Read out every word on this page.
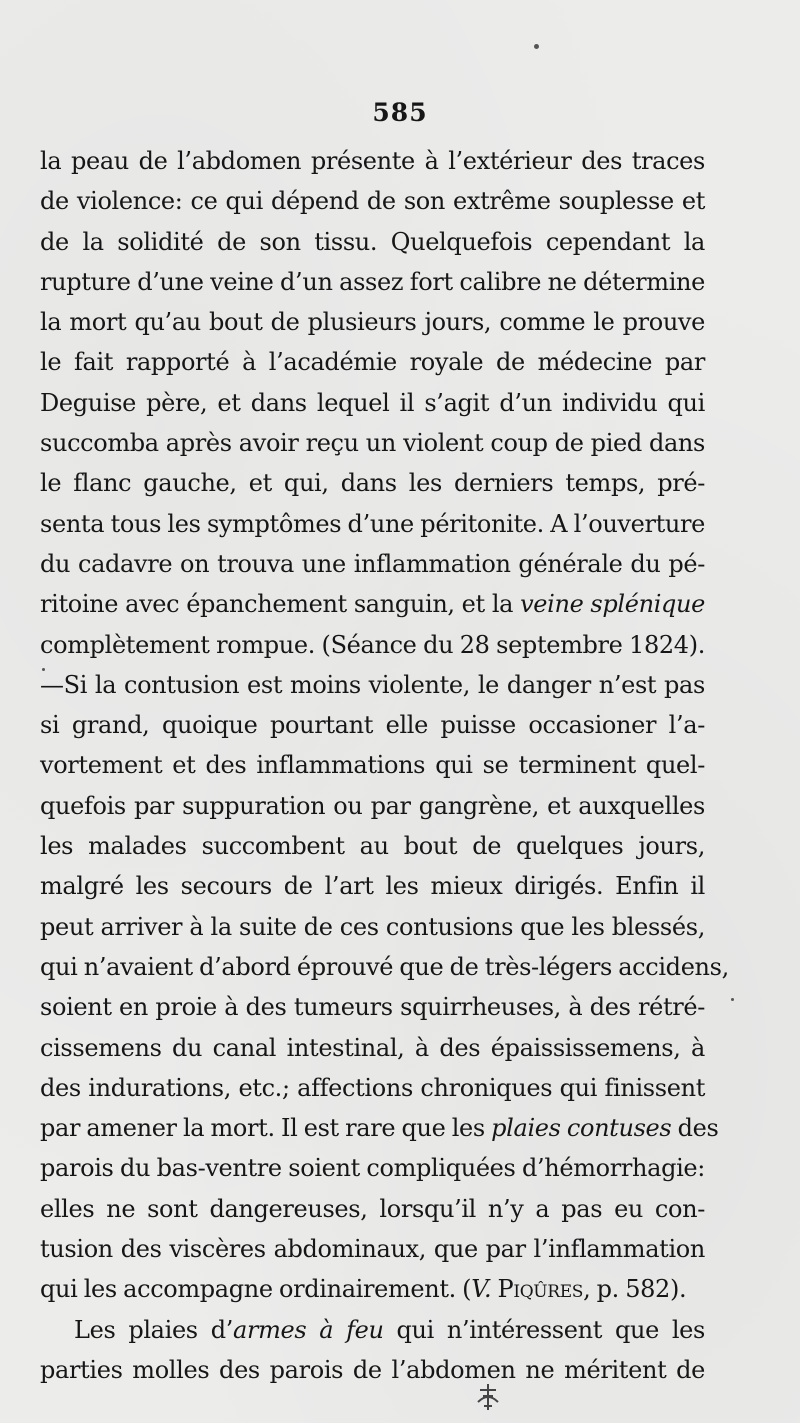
585
la peau de l’abdomen présente à l’extérieur des traces
de violence: ce qui dépend de son extrême souplesse et
de la solidité de son tissu. Quelquefois cependant la
rupture d’une veine d’un assez fort calibre ne détermine
la mort qu’au bout de plusieurs jours, comme le prouve
le fait rapporté à l’académie royale de médecine par
Deguise père, et dans lequel il s’agit d’un individu qui
succomba après avoir reçu un violent coup de pied dans
le flanc gauche, et qui, dans les derniers temps, pré-
senta tous les symptômes d’une péritonite. A l’ouverture
du cadavre on trouva une inflammation générale du pé-
ritoine avec épanchement sanguin, et la veine splénique
complètement rompue. (Séance du 28 septembre 1824).
—Si la contusion est moins violente, le danger n’est pas
si grand, quoique pourtant elle puisse occasioner l’a-
vortement et des inflammations qui se terminent quel-
quefois par suppuration ou par gangrène, et auxquelles
les malades succombent au bout de quelques jours,
malgré les secours de l’art les mieux dirigés. Enfin il
peut arriver à la suite de ces contusions que les blessés,
qui n’avaient d’abord éprouvé que de très-légers accidens,
soient en proie à des tumeurs squirrheuses, à des rétré-
cissemens du canal intestinal, à des épaississemens, à
des indurations, etc.; affections chroniques qui finissent
par amener la mort. Il est rare que les plaies contuses des
parois du bas-ventre soient compliquées d’hémorrhagie:
elles ne sont dangereuses, lorsqu’il n’y a pas eu con-
tusion des viscères abdominaux, que par l’inflammation
qui les accompagne ordinairement. (V. Piqûres, p. 582).
Les plaies d’armes à feu qui n’intéressent que les
parties molles des parois de l’abdomen ne méritent de
